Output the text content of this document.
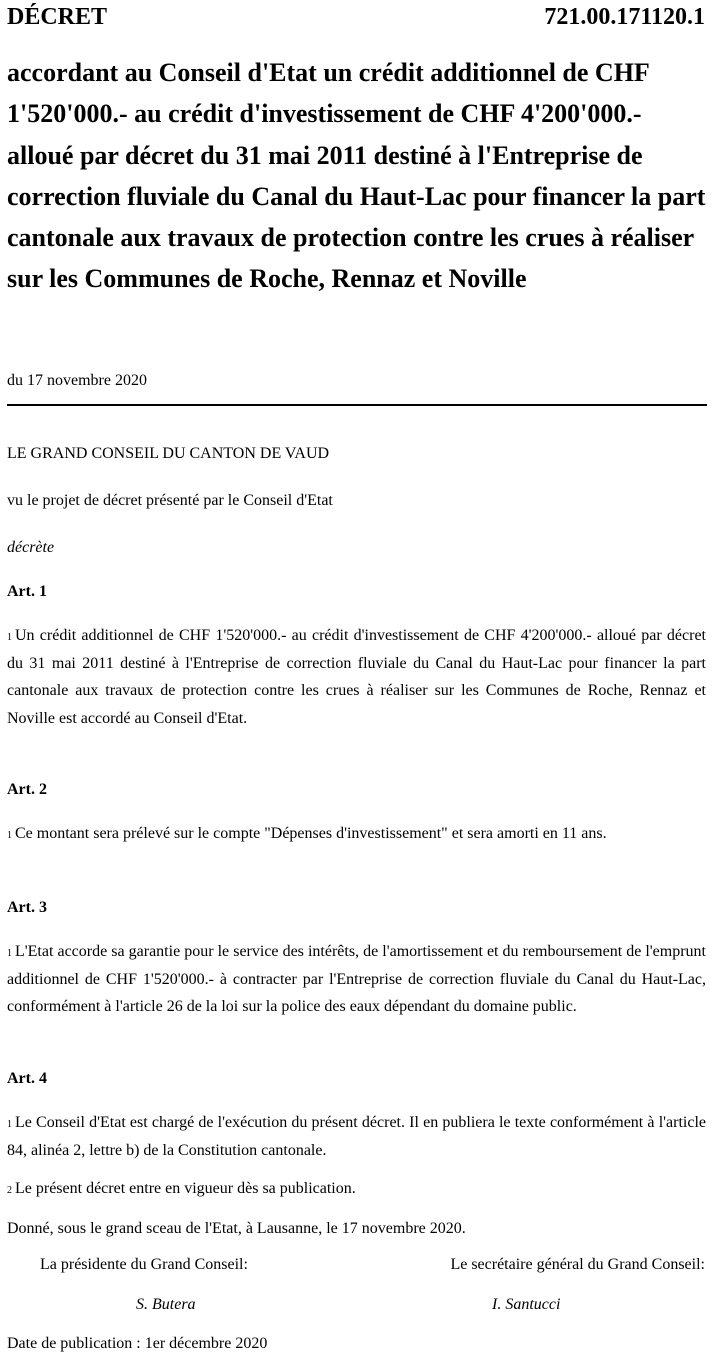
DÉCRET	721.00.171120.1
accordant au Conseil d'Etat un crédit additionnel de CHF 1'520'000.- au crédit d'investissement de CHF 4'200'000.- alloué par décret du 31 mai 2011 destiné à l'Entreprise de correction fluviale du Canal du Haut-Lac pour financer la part cantonale aux travaux de protection contre les crues à réaliser sur les Communes de Roche, Rennaz et Noville
du 17 novembre 2020
LE GRAND CONSEIL DU CANTON DE VAUD
vu le projet de décret présenté par le Conseil d'Etat
décrète
Art. 1
$^1$ Un crédit additionnel de CHF 1'520'000.- au crédit d'investissement de CHF 4'200'000.- alloué par décret du 31 mai 2011 destiné à l'Entreprise de correction fluviale du Canal du Haut-Lac pour financer la part cantonale aux travaux de protection contre les crues à réaliser sur les Communes de Roche, Rennaz et Noville est accordé au Conseil d'Etat.
Art. 2
$^1$ Ce montant sera prélevé sur le compte "Dépenses d'investissement" et sera amorti en 11 ans.
Art. 3
$^1$ L'Etat accorde sa garantie pour le service des intérêts, de l'amortissement et du remboursement de l'emprunt additionnel de CHF 1'520'000.- à contracter par l'Entreprise de correction fluviale du Canal du Haut-Lac, conformément à l'article 26 de la loi sur la police des eaux dépendant du domaine public.
Art. 4
$^1$ Le Conseil d'Etat est chargé de l'exécution du présent décret. Il en publiera le texte conformément à l'article 84, alinéa 2, lettre b) de la Constitution cantonale.
$^2$ Le présent décret entre en vigueur dès sa publication.
Donné, sous le grand sceau de l'Etat, à Lausanne, le 17 novembre 2020.
La présidente du Grand Conseil:	Le secrétaire général du Grand Conseil:
S. Butera	I. Santucci
Date de publication : 1er décembre 2020
